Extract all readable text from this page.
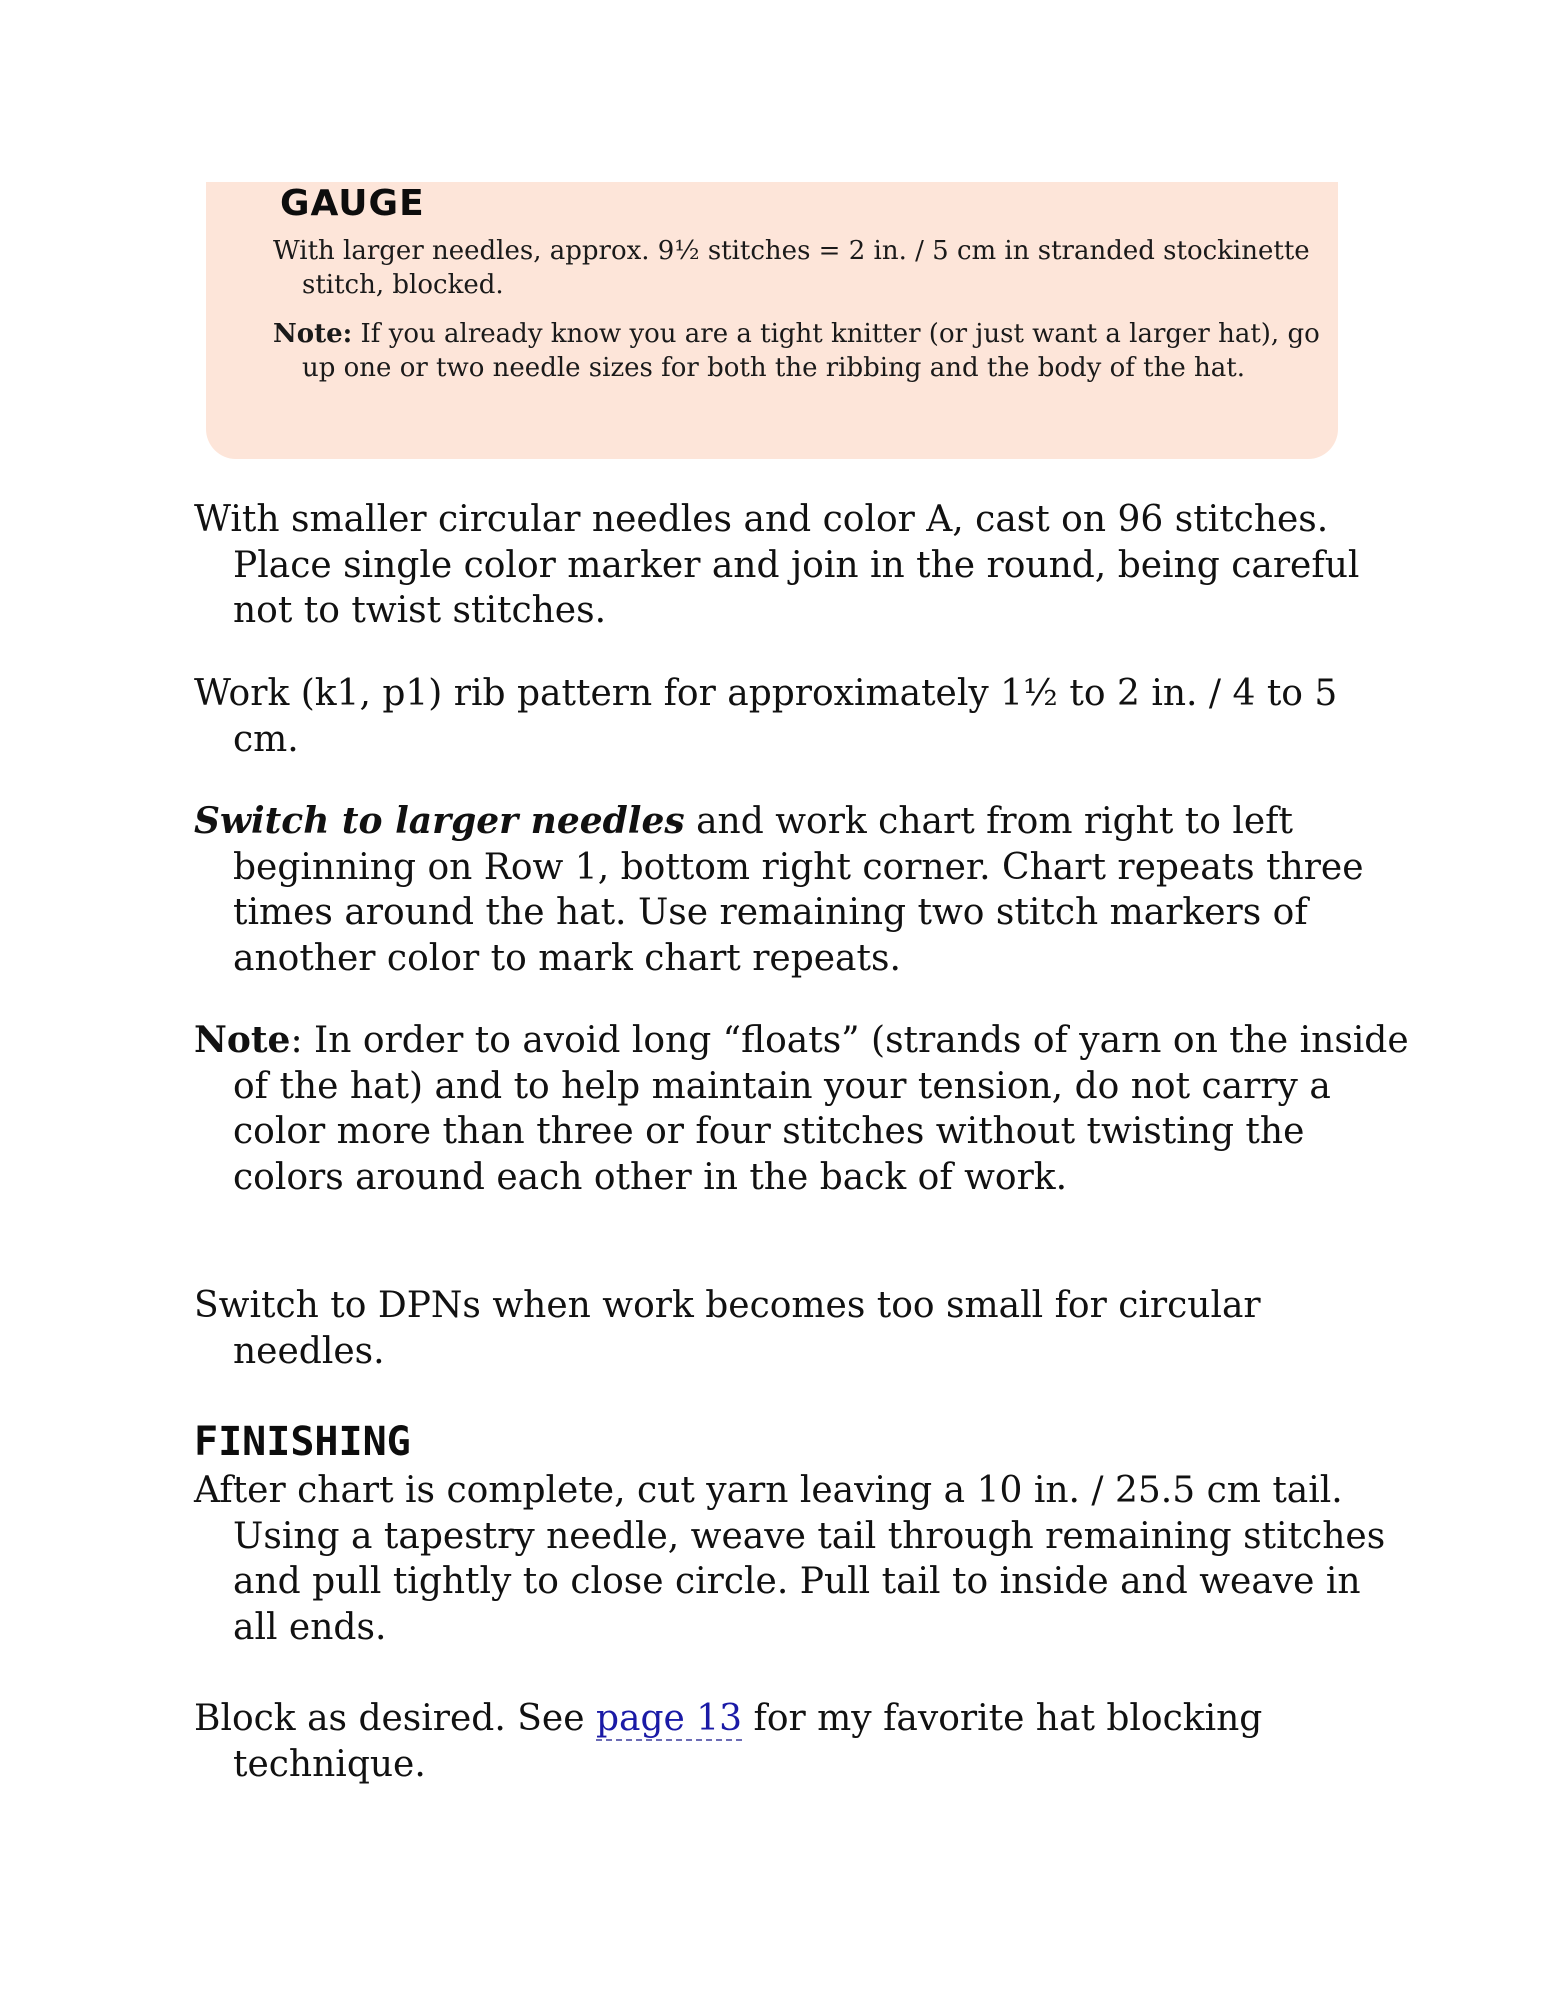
GAUGE

With larger needles, approx. 9½ stitches = 2 in. / 5 cm in stranded stockinette stitch, blocked.

Note: If you already know you are a tight knitter (or just want a larger hat), go up one or two needle sizes for both the ribbing and the body of the hat.

With smaller circular needles and color A, cast on 96 stitches. Place single color marker and join in the round, being careful not to twist stitches.

Work (k1, p1) rib pattern for approximately 1½ to 2 in. / 4 to 5 cm.

Switch to larger needles and work chart from right to left beginning on Row 1, bottom right corner. Chart repeats three times around the hat. Use remaining two stitch markers of another color to mark chart repeats.

Note: In order to avoid long “floats” (strands of yarn on the inside of the hat) and to help maintain your tension, do not carry a color more than three or four stitches without twisting the colors around each other in the back of work.

Switch to DPNs when work becomes too small for circular needles.

FINISHING

After chart is complete, cut yarn leaving a 10 in. / 25.5 cm tail. Using a tapestry needle, weave tail through remaining stitches and pull tightly to close circle. Pull tail to inside and weave in all ends.

Block as desired. See page 13 for my favorite hat blocking technique.
